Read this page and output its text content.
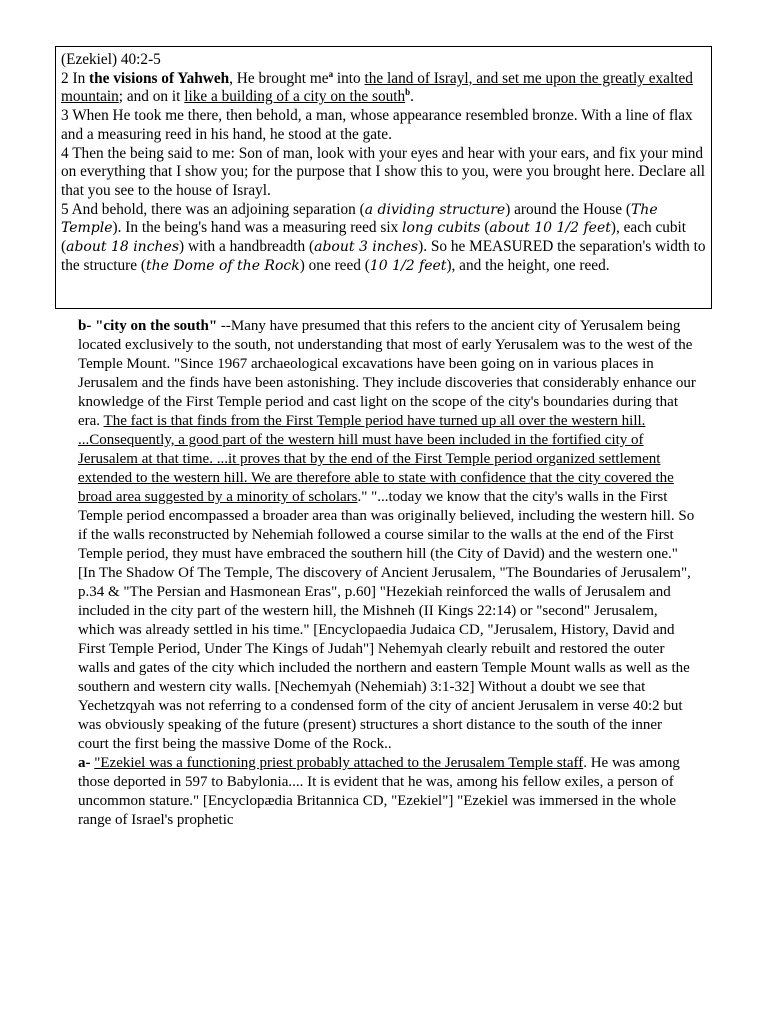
(Ezekiel) 40:2-5

2 In the visions of Yahweh, He brought $me^a$ into the land of Israyl, and set me upon the greatly exalted mountain; and on it like a building of a city on the south$^b$.

3 When He took me there, then behold, a man, whose appearance resembled bronze. With a line of flax and a measuring reed in his hand, he stood at the gate.

4 Then the being said to me: Son of man, look with your eyes and hear with your ears, and fix your mind on everything that I show you; for the purpose that I show this to you, were you brought here. Declare all that you see to the house of Israyl.

5 And behold, there was an adjoining separation (a dividing structure) around the House (The Temple). In the being's hand was a measuring reed six long cubits (about 10 1/2 feet), each cubit (about 18 inches) with a handbreadth (about 3 inches). So he MEASURED the separation's width to the structure (the Dome of the Rock) one reed (10 1/2 feet), and the height, one reed.

b- "city on the south" --Many have presumed that this refers to the ancient city of Yerusalem being located exclusively to the south, not understanding that most of early Yerusalem was to the west of the Temple Mount. "Since 1967 archaeological excavations have been going on in various places in Jerusalem and the finds have been astonishing. They include discoveries that considerably enhance our knowledge of the First Temple period and cast light on the scope of the city's boundaries during that era. The fact is that finds from the First Temple period have turned up all over the western hill. ...Consequently, a good part of the western hill must have been included in the fortified city of Jerusalem at that time. ...it proves that by the end of the First Temple period organized settlement extended to the western hill. We are therefore able to state with confidence that the city covered the broad area suggested by a minority of scholars." "...today we know that the city's walls in the First Temple period encompassed a broader area than was originally believed, including the western hill. So if the walls reconstructed by Nehemiah followed a course similar to the walls at the end of the First Temple period, they must have embraced the southern hill (the City of David) and the western one." [In The Shadow Of The Temple, The discovery of Ancient Jerusalem, "The Boundaries of Jerusalem", p.34 & "The Persian and Hasmonean Eras", p.60] "Hezekiah reinforced the walls of Jerusalem and included in the city part of the western hill, the Mishneh (II Kings 22:14) or "second" Jerusalem, which was already settled in his time." [Encyclopaedia Judaica CD, "Jerusalem, History, David and First Temple Period, Under The Kings of Judah"] Nehemyah clearly rebuilt and restored the outer walls and gates of the city which included the northern and eastern Temple Mount walls as well as the southern and western city walls. [Nechemyah (Nehemiah) 3:1-32] Without a doubt we see that Yechetzqyah was not referring to a condensed form of the city of ancient Jerusalem in verse 40:2 but was obviously speaking of the future (present) structures a short distance to the south of the inner court the first being the massive Dome of the Rock..

a- "Ezekiel was a functioning priest probably attached to the Jerusalem Temple staff. He was among those deported in 597 to Babylonia.... It is evident that he was, among his fellow exiles, a person of uncommon stature." [Encyclopædia Britannica CD, "Ezekiel"] "Ezekiel was immersed in the whole range of Israel's prophetic
